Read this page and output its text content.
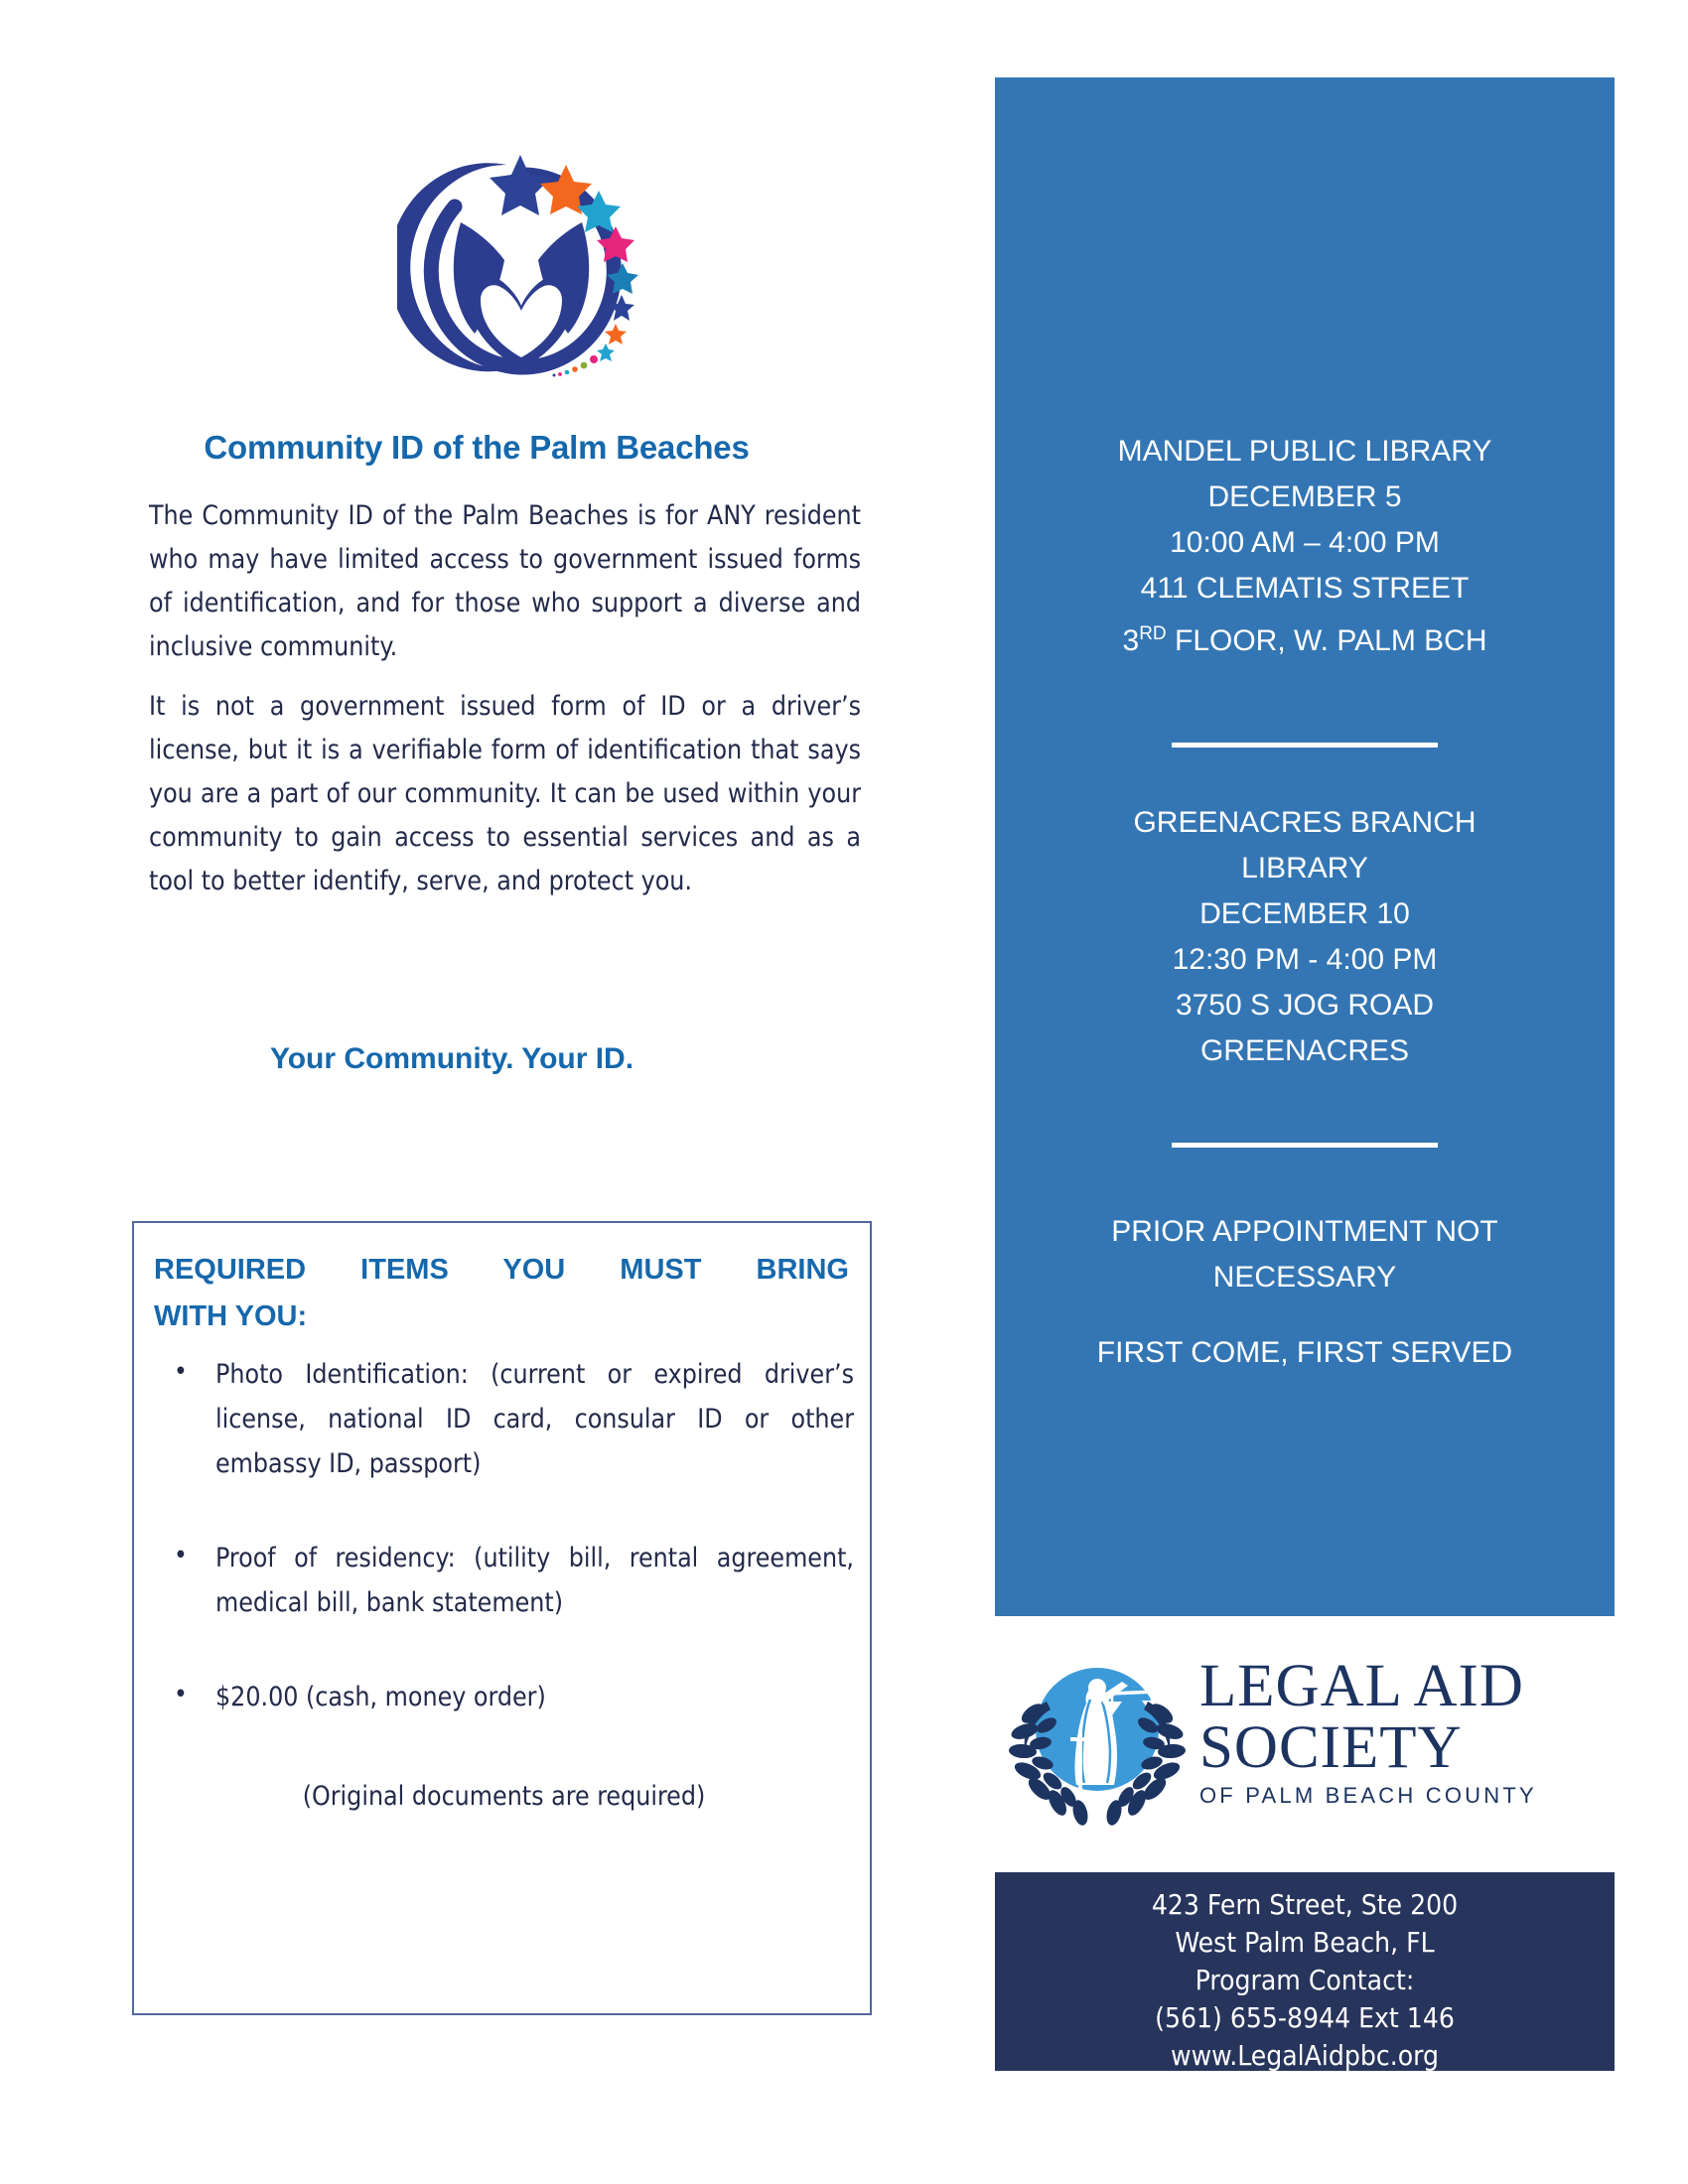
Community ID of the Palm Beaches
The Community ID of the Palm Beaches is for ANY resident who may have limited access to government issued forms of identification, and for those who support a diverse and inclusive community.
It is not a government issued form of ID or a driver’s license, but it is a verifiable form of identification that says you are a part of our community. It can be used within your community to gain access to essential services and as a tool to better identify, serve, and protect you.
Your Community. Your ID.
REQUIRED ITEMS YOU MUST BRING
WITH YOU:
• Photo Identification: (current or expired driver’s license, national ID card, consular ID or other embassy ID, passport)
• Proof of residency: (utility bill, rental agreement, medical bill, bank statement)
• $20.00 (cash, money order)
(Original documents are required)
MANDEL PUBLIC LIBRARY
DECEMBER 5
10:00 AM – 4:00 PM
411 CLEMATIS STREET
3RD FLOOR, W. PALM BCH
GREENACRES BRANCH
LIBRARY
DECEMBER 10
12:30 PM - 4:00 PM
3750 S JOG ROAD
GREENACRES
PRIOR APPOINTMENT NOT
NECESSARY
FIRST COME, FIRST SERVED
LEGAL AID
SOCIETY
OF PALM BEACH COUNTY
423 Fern Street, Ste 200
West Palm Beach, FL
Program Contact:
(561) 655-8944 Ext 146
www.LegalAidpbc.org
